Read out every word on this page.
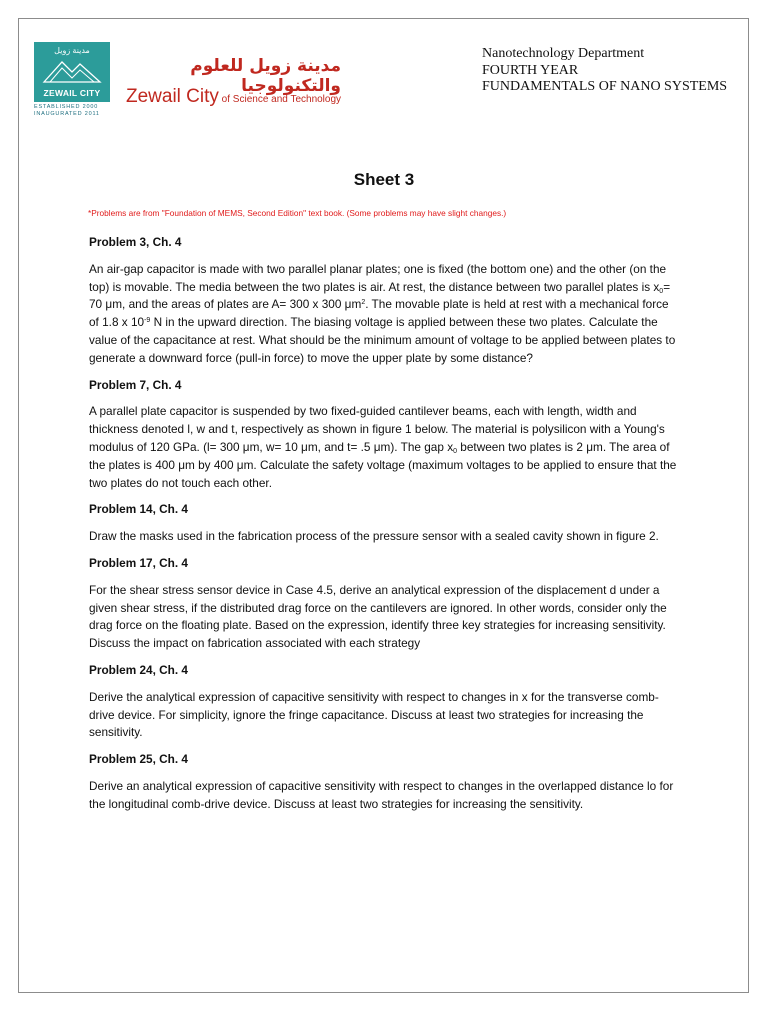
مدينة زويل
ZEWAIL CITY
ESTABLISHED 2000
INAUGURATED 2011
مدينة زويل للعلوم والتكنولوجيا
Zewail City of Science and Technology
Nanotechnology Department
FOURTH YEAR
FUNDAMENTALS OF NANO SYSTEMS
Sheet 3
*Problems are from "Foundation of MEMS, Second Edition" text book. (Some problems may have slight changes.)

Problem 3, Ch. 4

An air-gap capacitor is made with two parallel planar plates; one is fixed (the bottom one) and the other (on the top) is movable. The media between the two plates is air. At rest, the distance between two parallel plates is $x_0= 70$ μm, and the areas of plates are A= 300 x 300 $\mu m^2$. The movable plate is held at rest with a mechanical force of 1.8 x $10^{-9}$ N in the upward direction. The biasing voltage is applied between these two plates. Calculate the value of the capacitance at rest. What should be the minimum amount of voltage to be applied between plates to generate a downward force (pull-in force) to move the upper plate by some distance?

Problem 7, Ch. 4

A parallel plate capacitor is suspended by two fixed-guided cantilever beams, each with length, width and thickness denoted l, w and t, respectively as shown in figure 1 below. The material is polysilicon with a Young's modulus of 120 GPa. (l= 300 μm, w= 10 μm, and t= .5 μm). The gap $x_0$ between two plates is 2 μm. The area of the plates is 400 μm by 400 μm. Calculate the safety voltage (maximum voltages to be applied to ensure that the two plates do not touch each other.

Problem 14, Ch. 4

Draw the masks used in the fabrication process of the pressure sensor with a sealed cavity shown in figure 2.

Problem 17, Ch. 4

For the shear stress sensor device in Case 4.5, derive an analytical expression of the displacement d under a given shear stress, if the distributed drag force on the cantilevers are ignored. In other words, consider only the drag force on the floating plate. Based on the expression, identify three key strategies for increasing sensitivity. Discuss the impact on fabrication associated with each strategy

Problem 24, Ch. 4

Derive the analytical expression of capacitive sensitivity with respect to changes in x for the transverse comb-drive device. For simplicity, ignore the fringe capacitance. Discuss at least two strategies for increasing the sensitivity.

Problem 25, Ch. 4

Derive an analytical expression of capacitive sensitivity with respect to changes in the overlapped distance lo for the longitudinal comb-drive device. Discuss at least two strategies for increasing the sensitivity.
